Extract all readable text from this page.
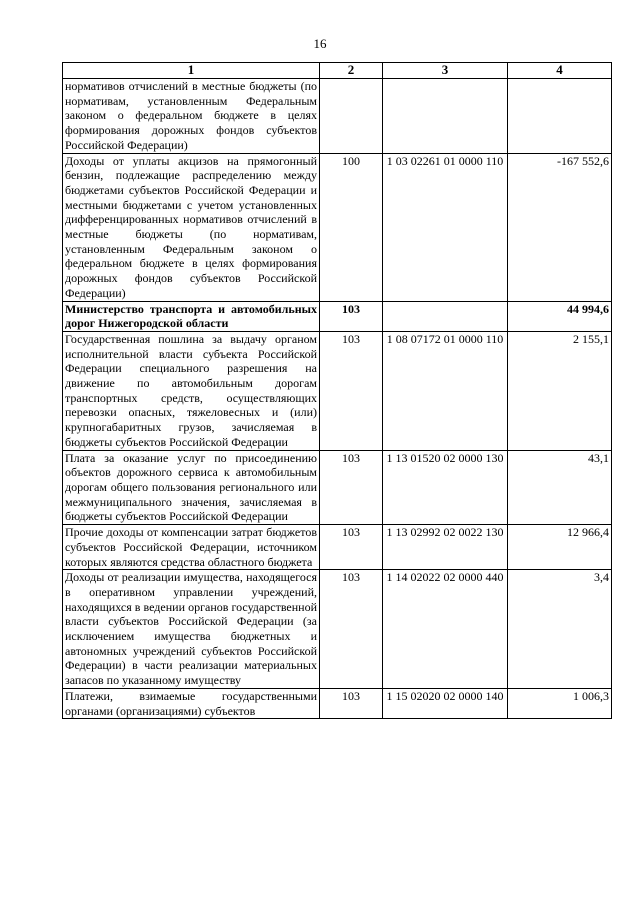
16
1	2	3	4
нормативов отчислений в местные бюджеты (по нормативам, установленным Федеральным законом о федеральном бюджете в целях формирования дорожных фондов субъектов Российской Федерации)			
Доходы от уплаты акцизов на прямогонный бензин, подлежащие распределению между бюджетами субъектов Российской Федерации и местными бюджетами с учетом установленных дифференцированных нормативов отчислений в местные бюджеты (по нормативам, установленным Федеральным законом о федеральном бюджете в целях формирования дорожных фондов субъектов Российской Федерации)	100	1 03 02261 01 0000 110	-167 552,6
Министерство транспорта и автомобильных дорог Нижегородской области	103		44 994,6
Государственная пошлина за выдачу органом исполнительной власти субъекта Российской Федерации специального разрешения на движение по автомобильным дорогам транспортных средств, осуществляющих перевозки опасных, тяжеловесных и (или) крупногабаритных грузов, зачисляемая в бюджеты субъектов Российской Федерации	103	1 08 07172 01 0000 110	2 155,1
Плата за оказание услуг по присоединению объектов дорожного сервиса к автомобильным дорогам общего пользования регионального или межмуниципального значения, зачисляемая в бюджеты субъектов Российской Федерации	103	1 13 01520 02 0000 130	43,1
Прочие доходы от компенсации затрат бюджетов субъектов Российской Федерации, источником которых являются средства областного бюджета	103	1 13 02992 02 0022 130	12 966,4
Доходы от реализации имущества, находящегося в оперативном управлении учреждений, находящихся в ведении органов государственной власти субъектов Российской Федерации (за исключением имущества бюджетных и автономных учреждений субъектов Российской Федерации) в части реализации материальных запасов по указанному имуществу	103	1 14 02022 02 0000 440	3,4
Платежи, взимаемые государственными органами (организациями) субъектов	103	1 15 02020 02 0000 140	1 006,3
